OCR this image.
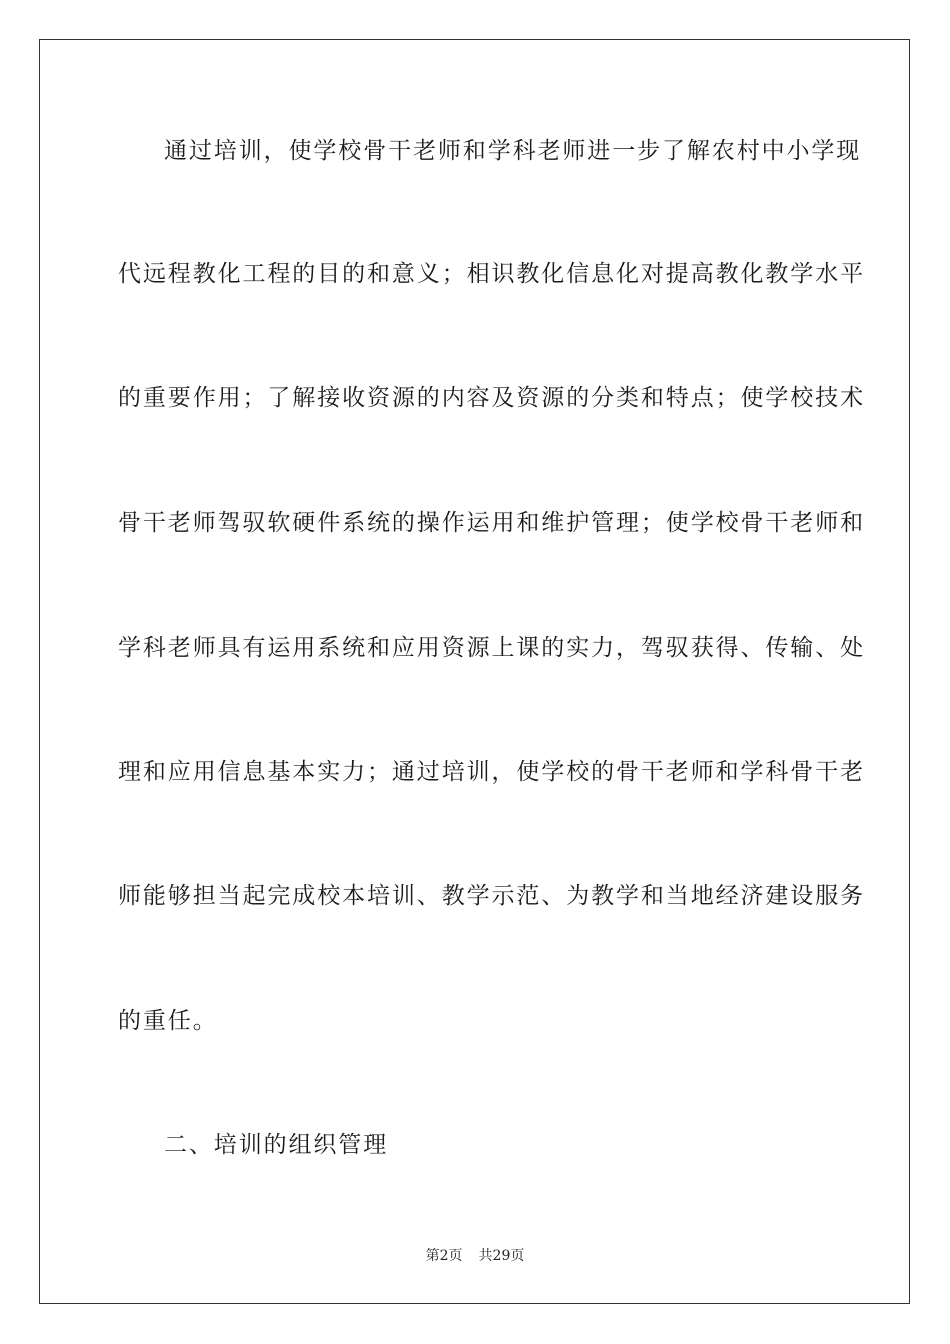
通过培训，使学校骨干老师和学科老师进一步了解农村中小学现
代远程教化工程的目的和意义；相识教化信息化对提高教化教学水平
的重要作用；了解接收资源的内容及资源的分类和特点；使学校技术
骨干老师驾驭软硬件系统的操作运用和维护管理；使学校骨干老师和
学科老师具有运用系统和应用资源上课的实力，驾驭获得、传输、处
理和应用信息基本实力；通过培训，使学校的骨干老师和学科骨干老
师能够担当起完成校本培训、教学示范、为教学和当地经济建设服务
的重任。
二、培训的组织管理
第2页 共29页
